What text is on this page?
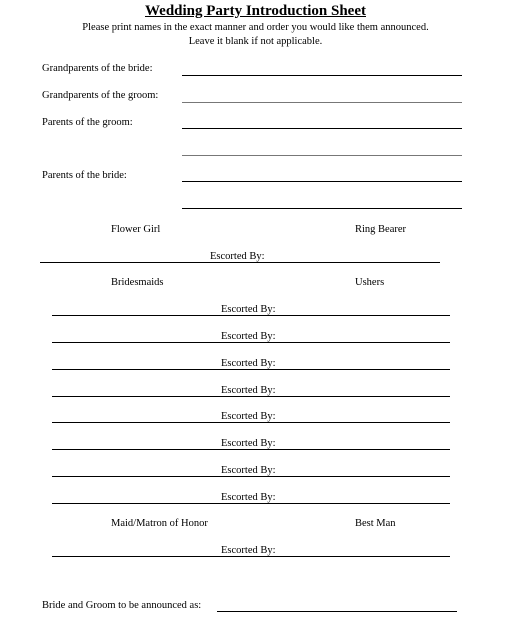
Wedding Party Introduction Sheet
Please print names in the exact manner and order you would like them announced.
Leave it blank if not applicable.
Grandparents of the bride:
Grandparents of the groom:
Parents of the groom:
Parents of the bride:
Flower Girl	Ring Bearer
Escorted By:
Bridesmaids	Ushers
Escorted By:
Escorted By:
Escorted By:
Escorted By:
Escorted By:
Escorted By:
Escorted By:
Escorted By:
Maid/Matron of Honor	Best Man
Escorted By:
Bride and Groom to be announced as:
